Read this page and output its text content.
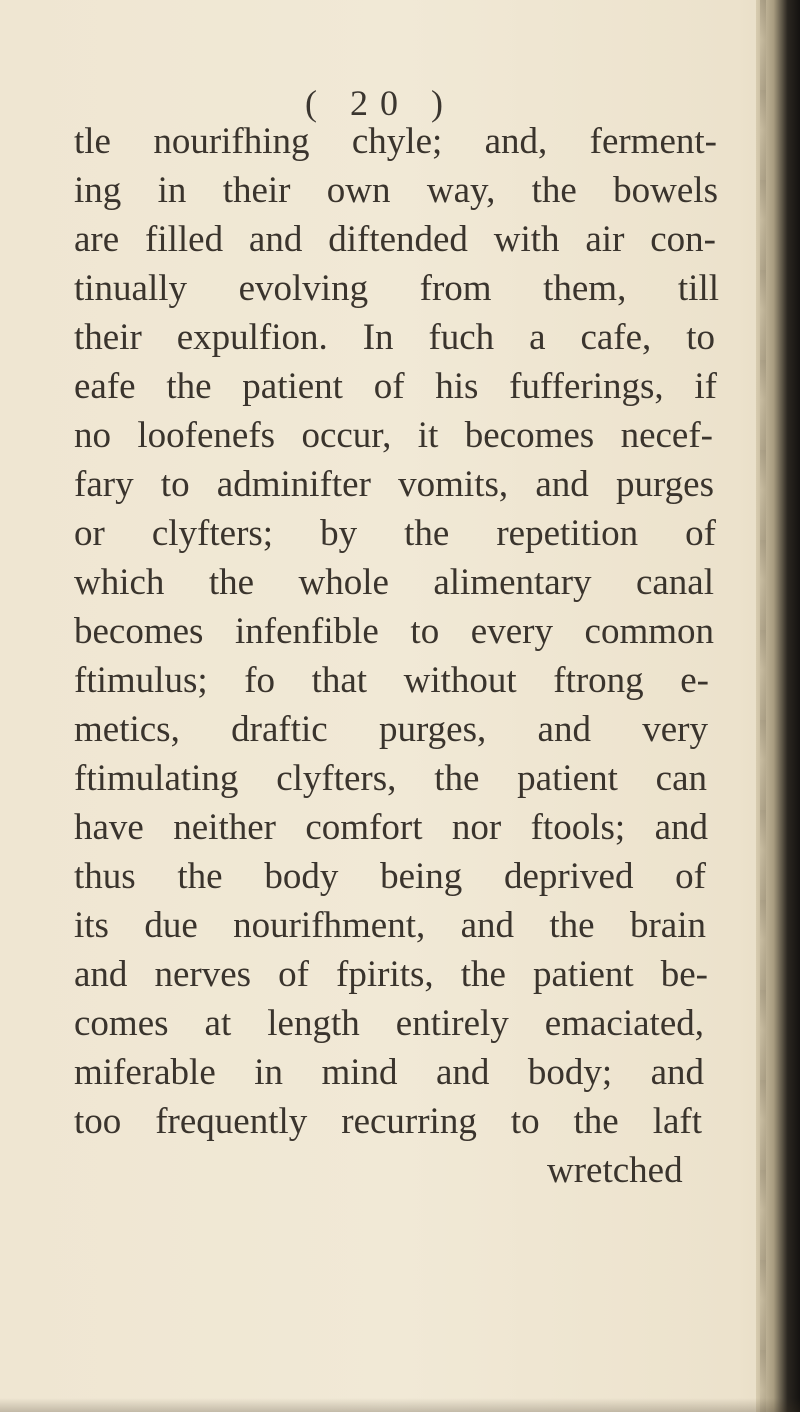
( 20 )
tle nourifhing chyle; and, ferment-
ing in their own way, the bowels
are filled and diftended with air con-
tinually evolving from them, till
their expulfion. In fuch a cafe, to
eafe the patient of his fufferings, if
no loofenefs occur, it becomes necef-
fary to adminifter vomits, and purges
or clyfters; by the repetition of
which the whole alimentary canal
becomes infenfible to every common
ftimulus; fo that without ftrong e-
metics, draftic purges, and very
ftimulating clyfters, the patient can
have neither comfort nor ftools; and
thus the body being deprived of
its due nourifhment, and the brain
and nerves of fpirits, the patient be-
comes at length entirely emaciated,
miferable in mind and body; and
too frequently recurring to the laft
wretched
